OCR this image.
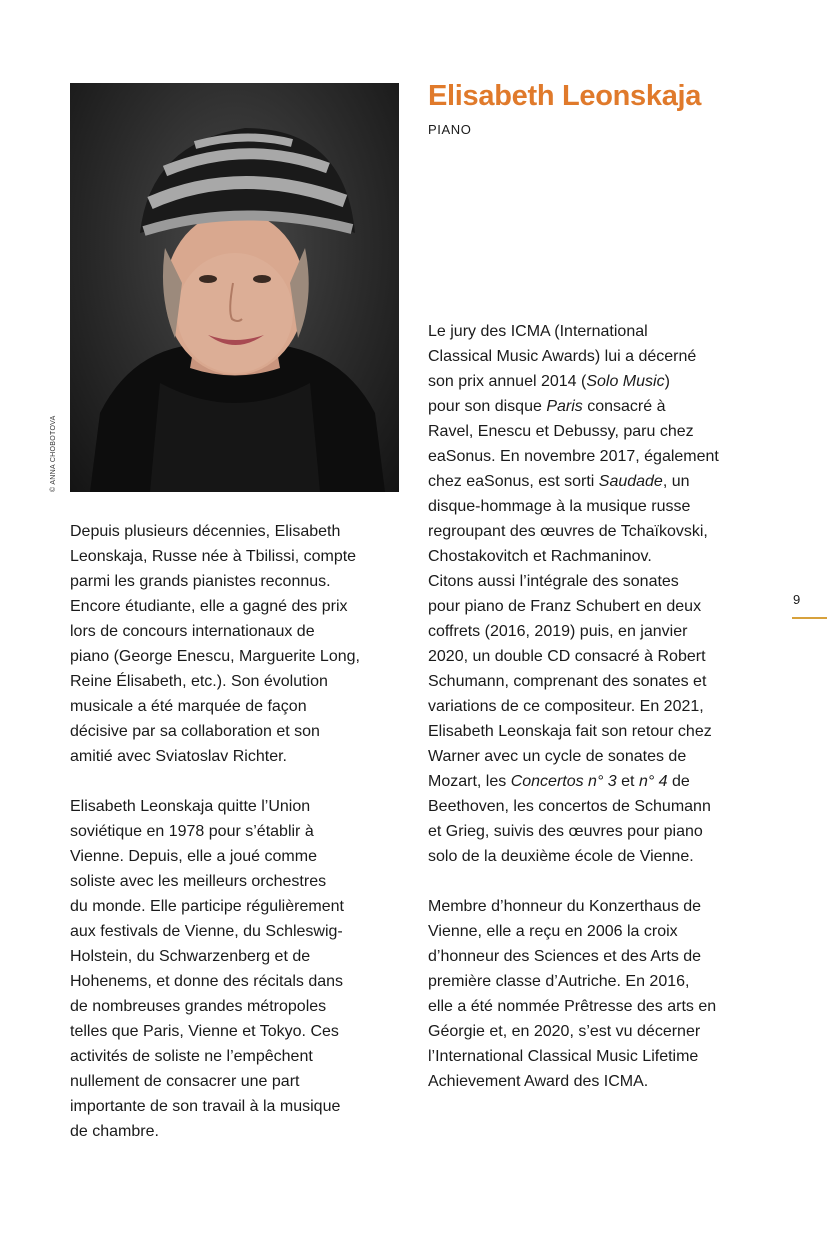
© ANNA CHOBOTOVA
Elisabeth Leonskaja
PIANO

Depuis plusieurs décennies, Elisabeth
Leonskaja, Russe née à Tbilissi, compte
parmi les grands pianistes reconnus.
Encore étudiante, elle a gagné des prix
lors de concours internationaux de
piano (George Enescu, Marguerite Long,
Reine Élisabeth, etc.). Son évolution
musicale a été marquée de façon
décisive par sa collaboration et son
amitié avec Sviatoslav Richter.

Elisabeth Leonskaja quitte l’Union
soviétique en 1978 pour s’établir à
Vienne. Depuis, elle a joué comme
soliste avec les meilleurs orchestres
du monde. Elle participe régulièrement
aux festivals de Vienne, du Schleswig-
Holstein, du Schwarzenberg et de
Hohenems, et donne des récitals dans
de nombreuses grandes métropoles
telles que Paris, Vienne et Tokyo. Ces
activités de soliste ne l’empêchent
nullement de consacrer une part
importante de son travail à la musique
de chambre.

Le jury des ICMA (International
Classical Music Awards) lui a décerné
son prix annuel 2014 (Solo Music)
pour son disque Paris consacré à
Ravel, Enescu et Debussy, paru chez
eaSonus. En novembre 2017, également
chez eaSonus, est sorti Saudade, un
disque-hommage à la musique russe
regroupant des œuvres de Tchaïkovski,
Chostakovitch et Rachmaninov.
Citons aussi l’intégrale des sonates
pour piano de Franz Schubert en deux
coffrets (2016, 2019) puis, en janvier
2020, un double CD consacré à Robert
Schumann, comprenant des sonates et
variations de ce compositeur. En 2021,
Elisabeth Leonskaja fait son retour chez
Warner avec un cycle de sonates de
Mozart, les Concertos n° 3 et n° 4 de
Beethoven, les concertos de Schumann
et Grieg, suivis des œuvres pour piano
solo de la deuxième école de Vienne.

Membre d’honneur du Konzerthaus de
Vienne, elle a reçu en 2006 la croix
d’honneur des Sciences et des Arts de
première classe d’Autriche. En 2016,
elle a été nommée Prêtresse des arts en
Géorgie et, en 2020, s’est vu décerner
l’International Classical Music Lifetime
Achievement Award des ICMA.

9
